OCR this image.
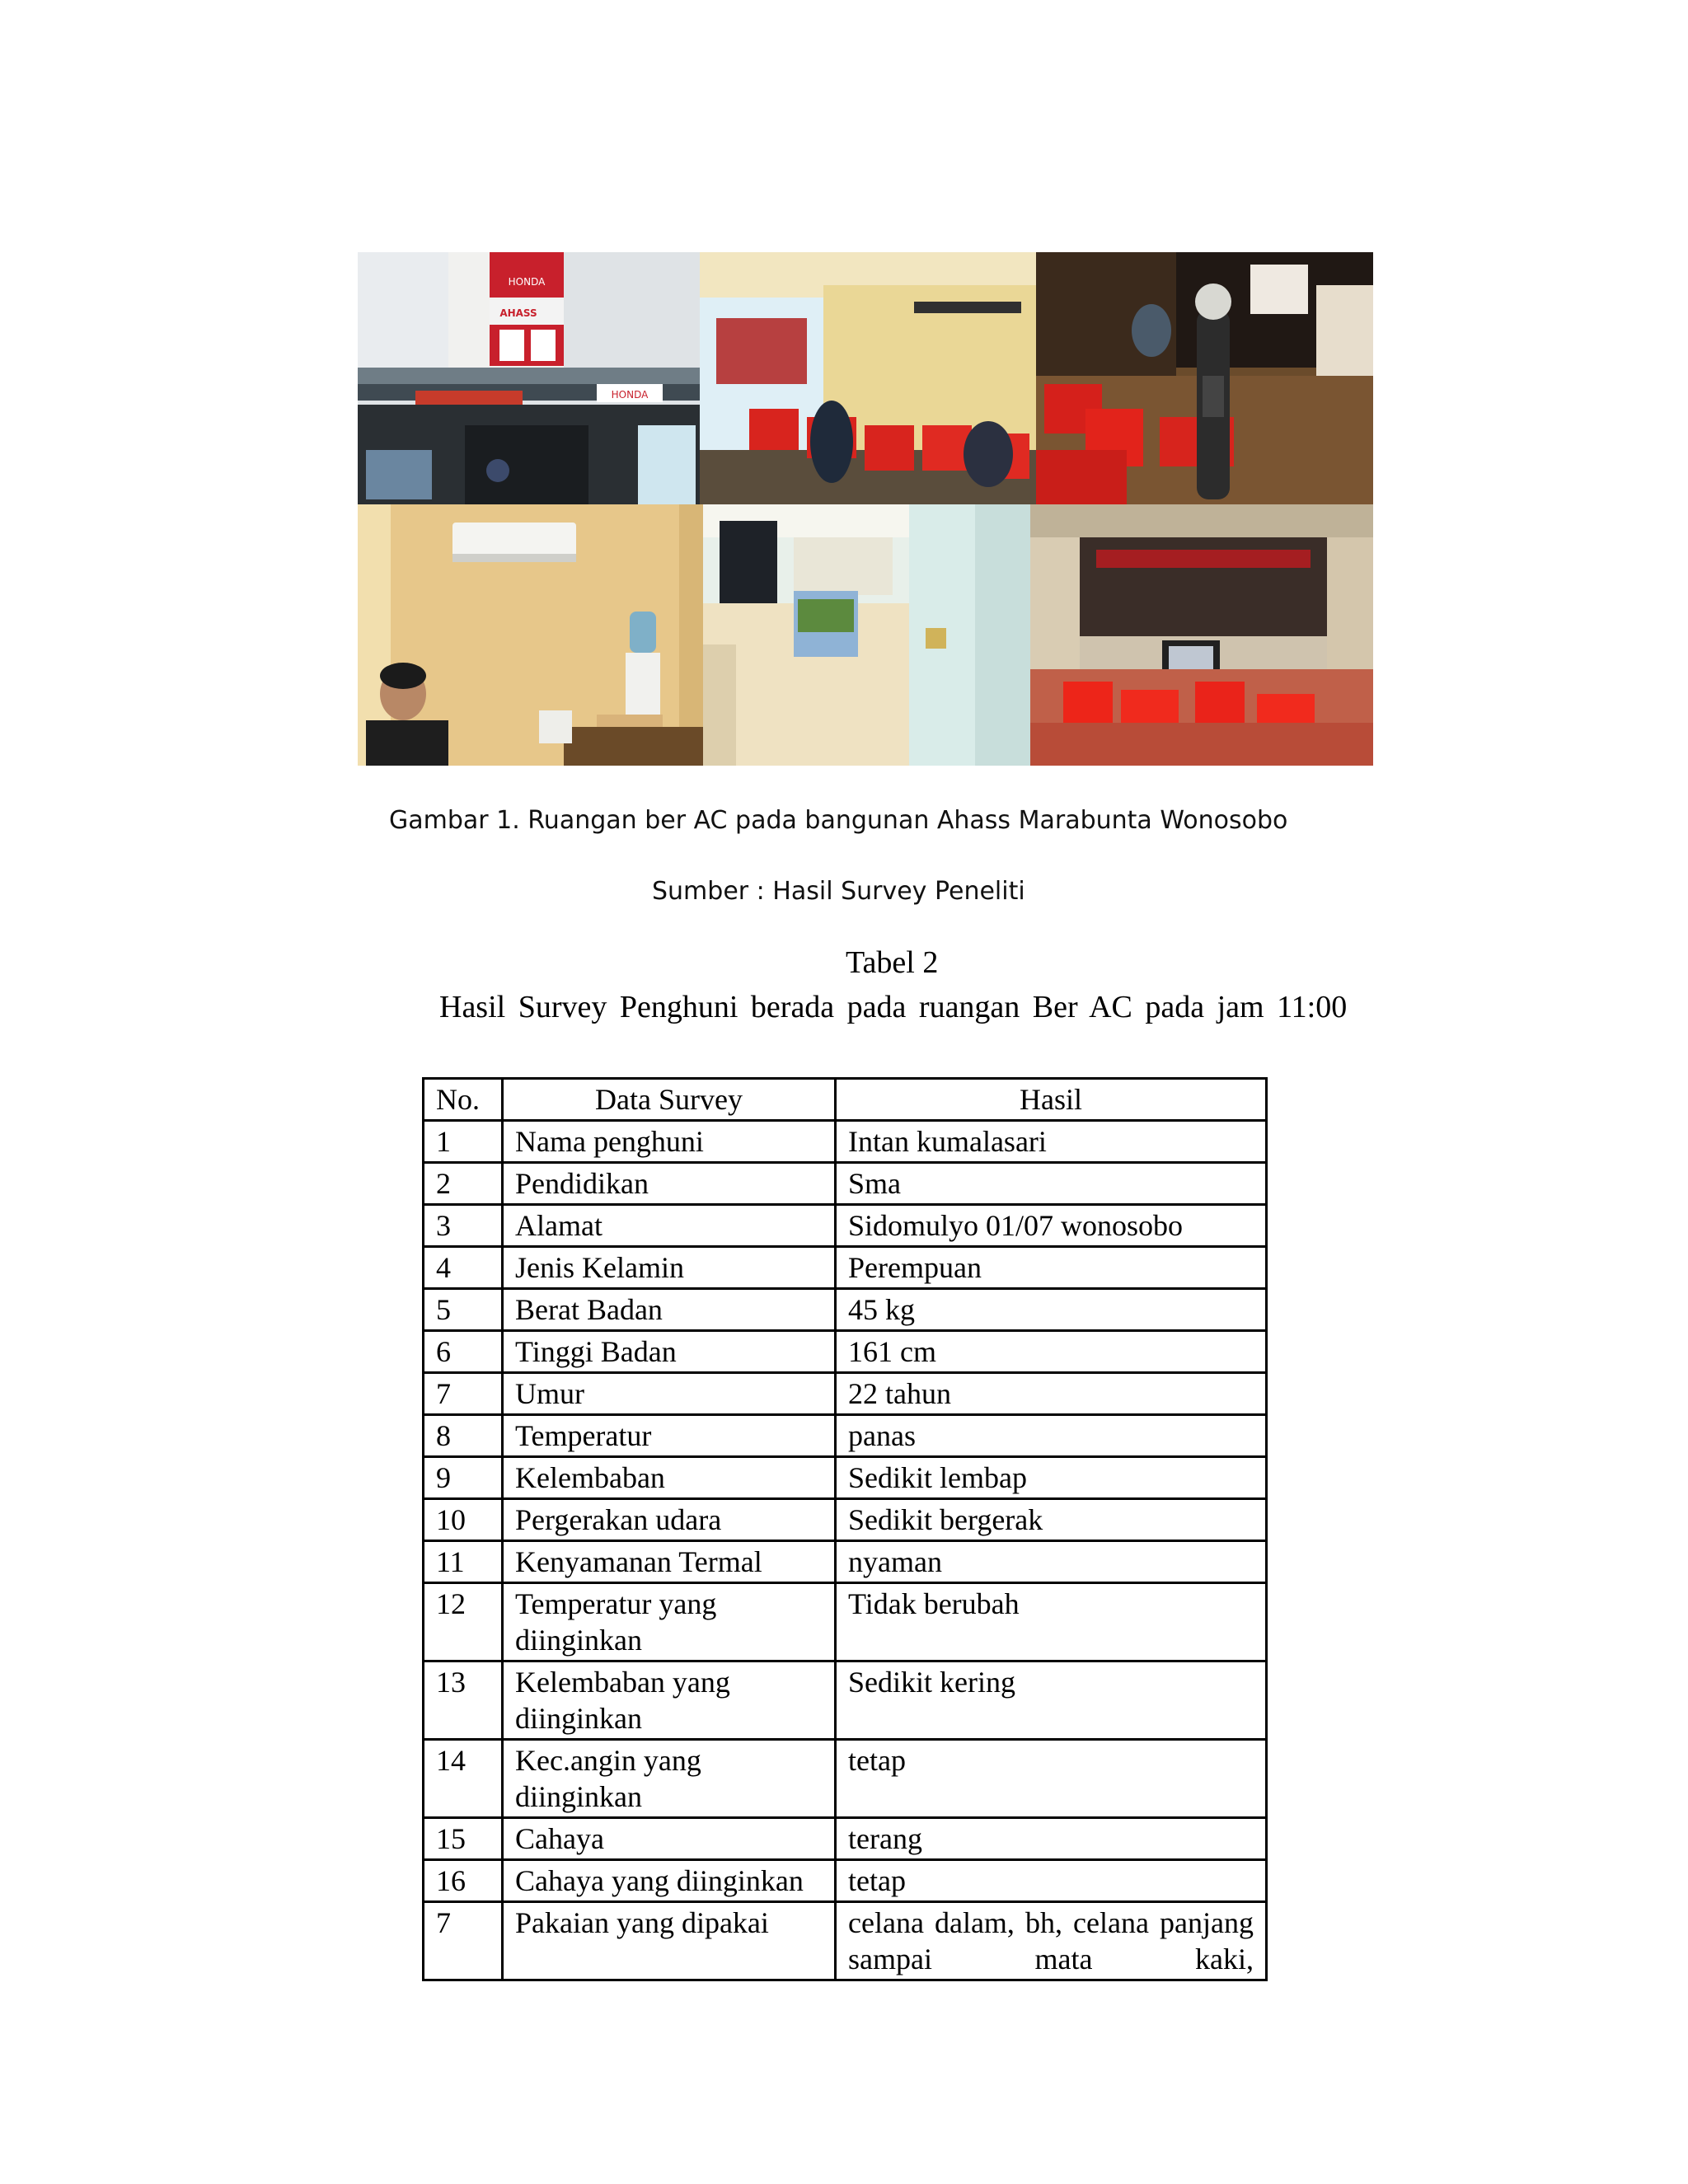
HONDA
AHASS
HONDA
Gambar 1. Ruangan ber AC pada bangunan Ahass Marabunta Wonosobo
Sumber : Hasil Survey Peneliti
Tabel 2
Hasil Survey Penghuni berada pada ruangan Ber AC pada jam 11:00
No.	Data Survey	Hasil
1	Nama penghuni	Intan kumalasari
2	Pendidikan	Sma
3	Alamat	Sidomulyo 01/07 wonosobo
4	Jenis Kelamin	Perempuan
5	Berat Badan	45 kg
6	Tinggi Badan	161 cm
7	Umur	22 tahun
8	Temperatur	panas
9	Kelembaban	Sedikit lembap
10	Pergerakan udara	Sedikit bergerak
11	Kenyamanan Termal	nyaman
12	Temperatur yang diinginkan	Tidak berubah
13	Kelembaban yang diinginkan	Sedikit kering
14	Kec.angin yang diinginkan	tetap
15	Cahaya	terang
16	Cahaya yang diinginkan	tetap
7	Pakaian yang dipakai	celana dalam, bh, celana panjang sampai mata kaki,
